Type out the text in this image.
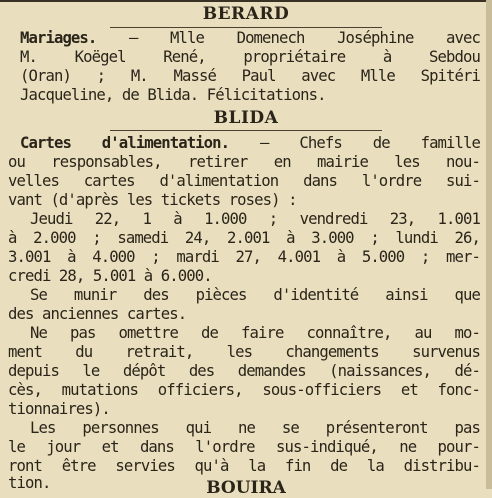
BERARD
Mariages. — Mlle Domenech Joséphine avec
M. Koëgel René, propriétaire à Sebdou
(Oran) ; M. Massé Paul avec Mlle Spitéri
Jacqueline, de Blida. Félicitations.
BLIDA
Cartes d'alimentation. — Chefs de famille
ou responsables, retirer en mairie les nou-
velles cartes d'alimentation dans l'ordre sui-
vant (d'après les tickets roses) :
Jeudi 22, 1 à 1.000 ; vendredi 23, 1.001
à 2.000 ; samedi 24, 2.001 à 3.000 ; lundi 26,
3.001 à 4.000 ; mardi 27, 4.001 à 5.000 ; mer-
credi 28, 5.001 à 6.000.
Se munir des pièces d'identité ainsi que
des anciennes cartes.
Ne pas omettre de faire connaître, au mo-
ment du retrait, les changements survenus
depuis le dépôt des demandes (naissances, dé-
cès, mutations officiers, sous-officiers et fonc-
tionnaires).
Les personnes qui ne se présenteront pas
le jour et dans l'ordre sus-indiqué, ne pour-
ront être servies qu'à la fin de la distribu-
tion.	BOUIRA
